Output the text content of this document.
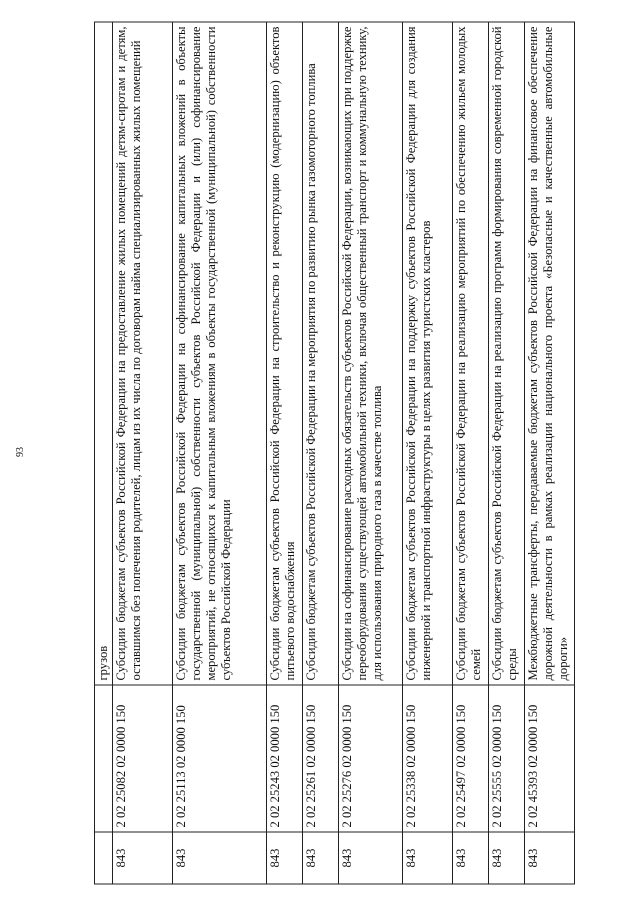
93
		грузов
843	2 02 25082 02 0000 150	Субсидии бюджетам субъектов Российской Федерации на предоставление жилых помещений детям-сиротам и детям, оставшимся без попечения родителей, лицам из их числа по договорам найма специализированных жилых помещений
843	2 02 25113 02 0000 150	Субсидии бюджетам субъектов Российской Федерации на софинансирование капитальных вложений в объекты государственной (муниципальной) собственности субъектов Российской Федерации и (или) софинансирование мероприятий, не относящихся к капитальным вложениям в объекты государственной (муниципальной) собственности субъектов Российской Федерации
843	2 02 25243 02 0000 150	Субсидии бюджетам субъектов Российской Федерации на строительство и реконструкцию (модернизацию) объектов питьевого водоснабжения
843	2 02 25261 02 0000 150	Субсидии бюджетам субъектов Российской Федерации на мероприятия по развитию рынка газомоторного топлива
843	2 02 25276 02 0000 150	Субсидии на софинансирование расходных обязательств субъектов Российской Федерации, возникающих при поддержке переоборудования существующей автомобильной техники, включая общественный транспорт и коммунальную технику, для использования природного газа в качестве топлива
843	2 02 25338 02 0000 150	Субсидии бюджетам субъектов Российской Федерации на поддержку субъектов Российской Федерации для создания инженерной и транспортной инфраструктуры в целях развития туристских кластеров
843	2 02 25497 02 0000 150	Субсидии бюджетам субъектов Российской Федерации на реализацию мероприятий по обеспечению жильем молодых семей
843	2 02 25555 02 0000 150	Субсидии бюджетам субъектов Российской Федерации на реализацию программ формирования современной городской среды
843	2 02 45393 02 0000 150	Межбюджетные трансферты, передаваемые бюджетам субъектов Российской Федерации на финансовое обеспечение дорожной деятельности в рамках реализации национального проекта «Безопасные и качественные автомобильные дороги»
